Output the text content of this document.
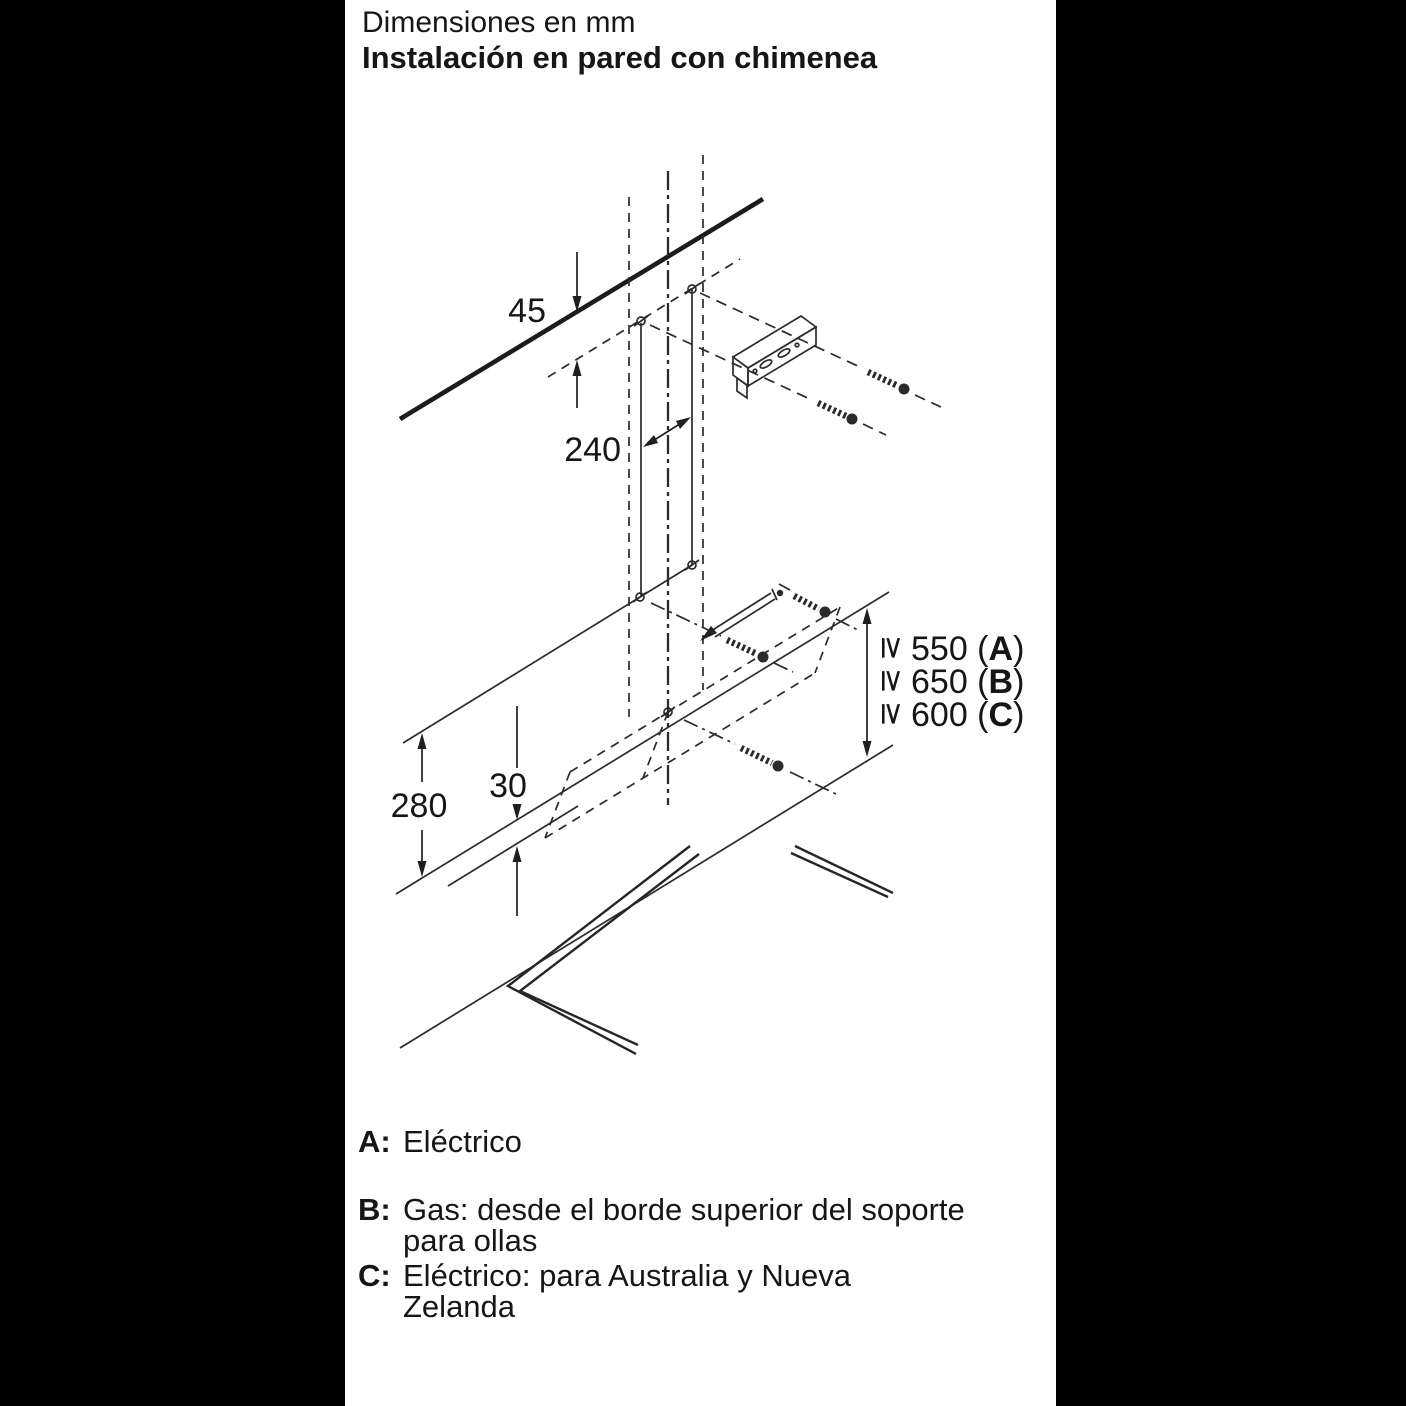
Dimensiones en mm
Instalación en pared con chimenea
45
240
280
30
≥ 550 (A)
≥ 650 (B)
≥ 600 (C)
A: Eléctrico
B: Gas: desde el borde superior del soporte
para ollas
C: Eléctrico: para Australia y Nueva
Zelanda
